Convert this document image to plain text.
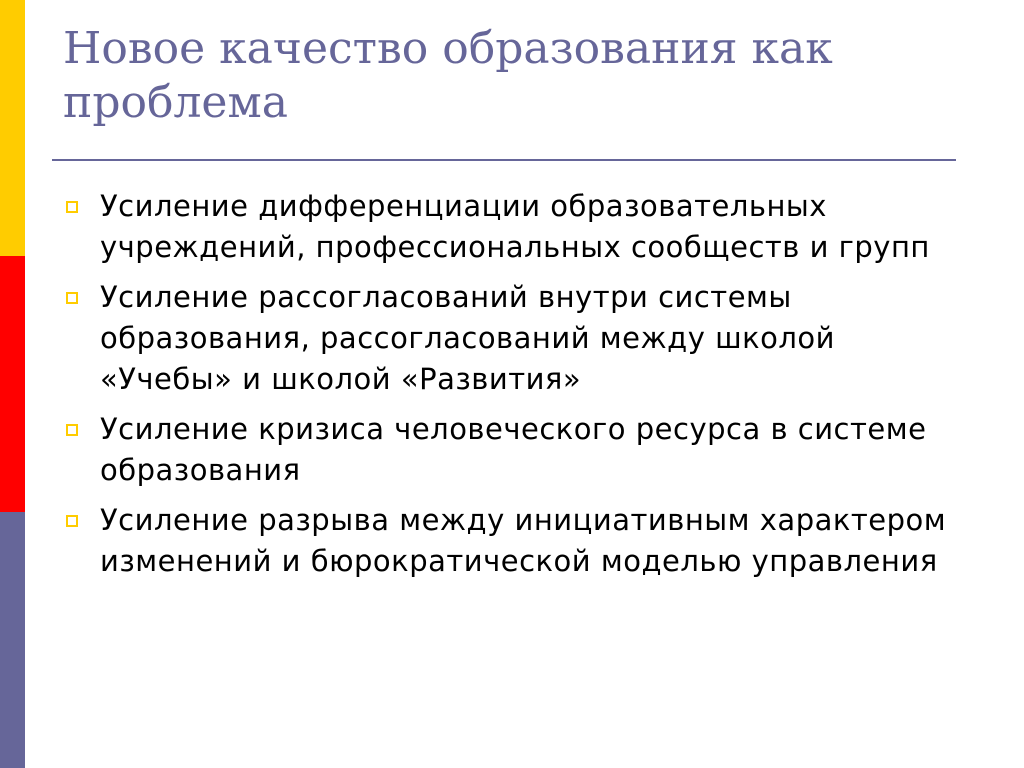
Новое качество образования как проблема
Усиление дифференциации образовательных учреждений, профессиональных сообществ и групп
Усиление рассогласований внутри системы образования, рассогласований между школой «Учебы» и школой «Развития»
Усиление кризиса человеческого ресурса в системе образования
Усиление разрыва между инициативным характером изменений и бюрократической моделью управления
